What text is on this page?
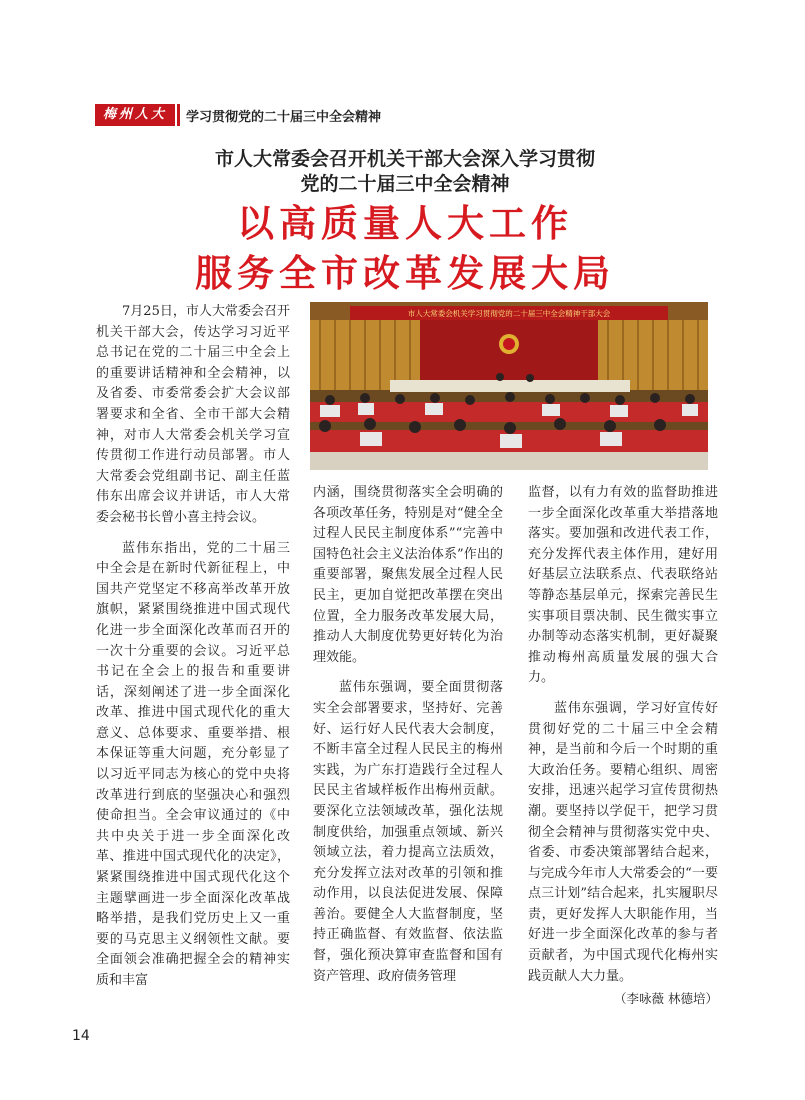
梅州人大	学习贯彻党的二十届三中全会精神
市人大常委会召开机关干部大会深入学习贯彻
党的二十届三中全会精神
以高质量人大工作
服务全市改革发展大局
市人大常委会机关学习贯彻党的二十届三中全会精神干部大会

7月25日，市人大常委会召开机关干部大会，传达学习习近平总书记在党的二十届三中全会上的重要讲话精神和全会精神，以及省委、市委常委会扩大会议部署要求和全省、全市干部大会精神，对市人大常委会机关学习宣传贯彻工作进行动员部署。市人大常委会党组副书记、副主任蓝伟东出席会议并讲话，市人大常委会秘书长曾小喜主持会议。

蓝伟东指出，党的二十届三中全会是在新时代新征程上，中国共产党坚定不移高举改革开放旗帜，紧紧围绕推进中国式现代化进一步全面深化改革而召开的一次十分重要的会议。习近平总书记在全会上的报告和重要讲话，深刻阐述了进一步全面深化改革、推进中国式现代化的重大意义、总体要求、重要举措、根本保证等重大问题，充分彰显了以习近平同志为核心的党中央将改革进行到底的坚强决心和强烈使命担当。全会审议通过的《中共中央关于进一步全面深化改革、推进中国式现代化的决定》，紧紧围绕推进中国式现代化这个主题擘画进一步全面深化改革战略举措，是我们党历史上又一重要的马克思主义纲领性文献。要全面领会准确把握全会的精神实质和丰富

内涵，围绕贯彻落实全会明确的各项改革任务，特别是对“健全全过程人民民主制度体系”“完善中国特色社会主义法治体系”作出的重要部署，聚焦发展全过程人民民主，更加自觉把改革摆在突出位置，全力服务改革发展大局，推动人大制度优势更好转化为治理效能。

蓝伟东强调，要全面贯彻落实全会部署要求，坚持好、完善好、运行好人民代表大会制度，不断丰富全过程人民民主的梅州实践，为广东打造践行全过程人民民主省域样板作出梅州贡献。要深化立法领域改革，强化法规制度供给，加强重点领域、新兴领域立法，着力提高立法质效，充分发挥立法对改革的引领和推动作用，以良法促进发展、保障善治。要健全人大监督制度，坚持正确监督、有效监督、依法监督，强化预决算审查监督和国有资产管理、政府债务管理

监督，以有力有效的监督助推进一步全面深化改革重大举措落地落实。要加强和改进代表工作，充分发挥代表主体作用，建好用好基层立法联系点、代表联络站等静态基层单元，探索完善民生实事项目票决制、民生微实事立办制等动态落实机制，更好凝聚推动梅州高质量发展的强大合力。

蓝伟东强调，学习好宣传好贯彻好党的二十届三中全会精神，是当前和今后一个时期的重大政治任务。要精心组织、周密安排，迅速兴起学习宣传贯彻热潮。要坚持以学促干，把学习贯彻全会精神与贯彻落实党中央、省委、市委决策部署结合起来，与完成今年市人大常委会的“一要点三计划”结合起来，扎实履职尽责，更好发挥人大职能作用，当好进一步全面深化改革的参与者贡献者，为中国式现代化梅州实践贡献人大力量。

（李咏薇 林德培）
14
